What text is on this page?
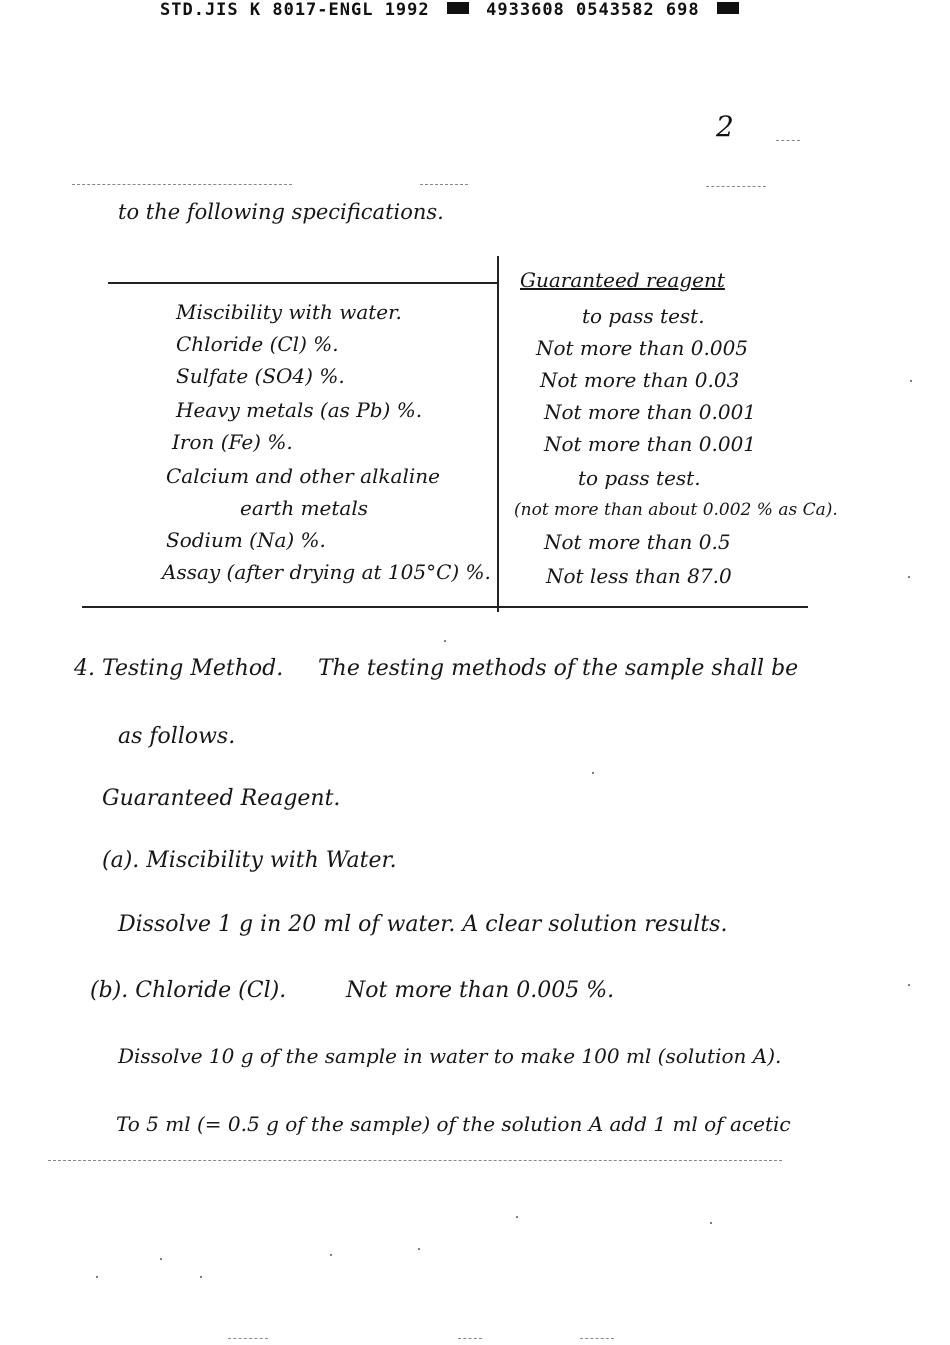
STD.JIS K 8017-ENGL 1992	4933608 0543582 698
2
to the following specifications.
Guaranteed reagent
Miscibility with water.	to pass test.
Chloride (Cl) %.	Not more than 0.005
Sulfate (SO4) %.	Not more than 0.03
Heavy metals (as Pb) %.	Not more than 0.001
Iron (Fe) %.	Not more than 0.001
Calcium and other alkaline	to pass test.
earth metals	(not more than about 0.002 % as Ca).
Sodium (Na) %.	Not more than 0.5
Assay (after drying at 105°C) %.	Not less than 87.0
4. Testing Method. The testing methods of the sample shall be
as follows.
Guaranteed Reagent.
(a). Miscibility with Water.
Dissolve 1 g in 20 ml of water. A clear solution results.
(b). Chloride (Cl).	Not more than 0.005 %.
Dissolve 10 g of the sample in water to make 100 ml (solution A).
To 5 ml (= 0.5 g of the sample) of the solution A add 1 ml of acetic
